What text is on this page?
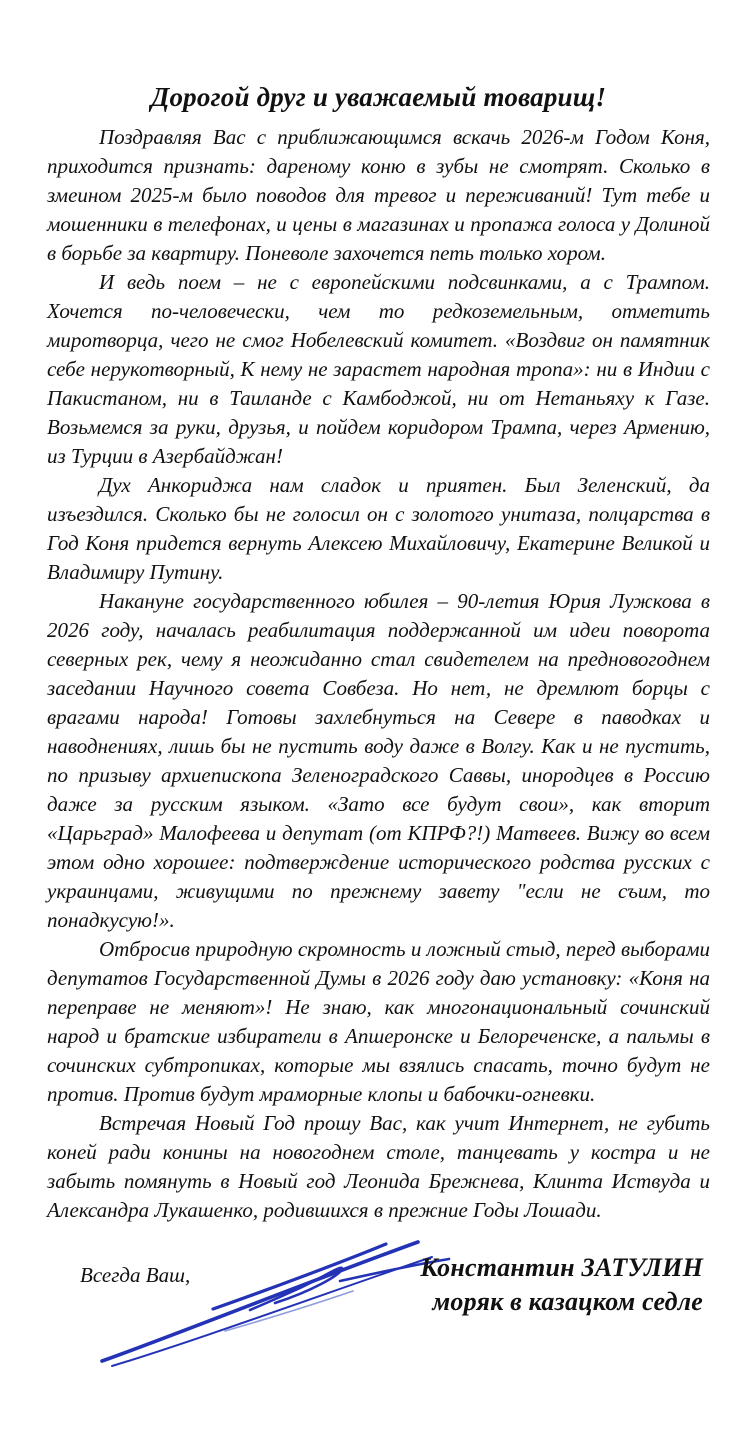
Дорогой друг и уважаемый товарищ!

Поздравляя Вас с приближающимся вскачь 2026-м Годом Коня, приходится признать: дареному коню в зубы не смотрят. Сколько в змеином 2025-м было поводов для тревог и переживаний! Тут тебе и мошенники в телефонах, и цены в магазинах и пропажа голоса у Долиной в борьбе за квартиру. Поневоле захочется петь только хором.

И ведь поем – не с европейскими подсвинками, а с Трампом. Хочется по-человечески, чем то редкоземельным, отметить миротворца, чего не смог Нобелевский комитет. «Воздвиг он памятник себе нерукотворный, К нему не зарастет народная тропа»: ни в Индии с Пакистаном, ни в Таиланде с Камбоджой, ни от Нетаньяху к Газе. Возьмемся за руки, друзья, и пойдем коридором Трампа, через Армению, из Турции в Азербайджан!

Дух Анкориджа нам сладок и приятен. Был Зеленский, да изъездился. Сколько бы не голосил он с золотого унитаза, полцарства в Год Коня придется вернуть Алексею Михайловичу, Екатерине Великой и Владимиру Путину.

Накануне государственного юбилея – 90-летия Юрия Лужкова в 2026 году, началась реабилитация поддержанной им идеи поворота северных рек, чему я неожиданно стал свидетелем на предновогоднем заседании Научного совета Совбеза. Но нет, не дремлют борцы с врагами народа! Готовы захлебнуться на Севере в паводках и наводнениях, лишь бы не пустить воду даже в Волгу. Как и не пустить, по призыву архиепископа Зеленоградского Саввы, инородцев в Россию даже за русским языком. «Зато все будут свои», как вторит «Царьград» Малофеева и депутат (от КПРФ?!) Матвеев. Вижу во всем этом одно хорошее: подтверждение исторического родства русских с украинцами, живущими по прежнему завету "если не съим, то понадкусую!».

Отбросив природную скромность и ложный стыд, перед выборами депутатов Государственной Думы в 2026 году даю установку: «Коня на переправе не меняют»! Не знаю, как многонациональный сочинский народ и братские избиратели в Апшеронске и Белореченске, а пальмы в сочинских субтропиках, которые мы взялись спасать, точно будут не против. Против будут мраморные клопы и бабочки-огневки.

Встречая Новый Год прошу Вас, как учит Интернет, не губить коней ради конины на новогоднем столе, танцевать у костра и не забыть помянуть в Новый год Леонида Брежнева, Клинта Иствуда и Александра Лукашенко, родившихся в прежние Годы Лошади.

Всегда Ваш,	Константин ЗАТУЛИН
моряк в казацком седле
